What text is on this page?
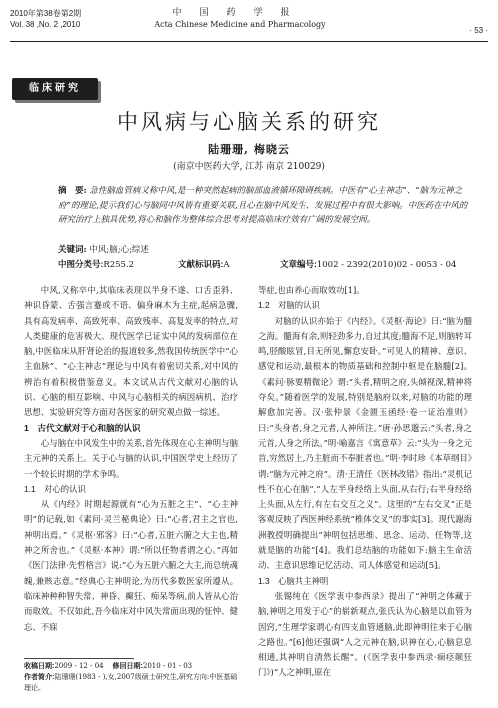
2010年第38卷第2期
Vol. 38 ,No. 2 ,2010
中国药学报
Acta Chinese Medicine and Pharmacology
· 53 ·
临床研究
中风病与心脑关系的研究
陆珊珊, 梅晓云
(南京中医药大学, 江苏 南京 210029)
摘　要: 急性脑血管病又称中风,是一种突然起病的脑部血液循环障碍疾病。中医有“心主神志”、“脑为元神之府”的理论,提示我们心与脑同中风皆有重要关联,且心在脑中风发生、发展过程中有很大影响。中医药在中风的研究治疗上独具优势,将心和脑作为整体综合思考对提高临床疗效有广阔的发展空间。
关键词: 中风;脑;心;综述
中图分类号:R255.2	文献标识码:A	文章编号:1002 - 2392(2010)02 - 0053 - 04

中风,又称卒中,其临床表现以半身不遂、口舌歪斜、神识昏蒙、舌强言蹇或不语、偏身麻木为主症,起病急骤,具有高发病率、高致死率、高致残率、高复发率的特点,对人类健康的危害极大。现代医学已证实中风的发病部位在脑,中医临床从肝肾论治的报道较多,然我国传统医学中“心主血脉”、“心主神志”理论与中风有着密切关系,对中风的辨治有着积极借鉴意义。本文试从古代文献对心脑的认识、心脑的相互影响、中风与心脑相关的病因病机、治疗思想、实验研究等方面对各医家的研究观点做一综述。

1　古代文献对于心和脑的认识

心与脑在中风发生中的关系,首先体现在心主神明与脑主元神的关系上。关于心与脑的认识,中国医学史上经历了一个较长时期的学术争鸣。

1.1　对心的认识

从《内经》时期起源就有“心为五脏之主”、“心主神明”的记载,如《素问·灵兰秘典论》曰:“心者,君主之官也,神明出焉。”《灵枢·邪客》曰:“心者,五脏六腑之大主也,精神之所舍也。”《灵枢·本神》谓:“所以任物者谓之心。”再如《医门法律·先哲格言》说:“心为五脏六腑之大主,而总统魂魄,兼赅志意。”经典心主神明论,为历代多数医家所遵从。临床神种种智失常、神昏、癫狂、痴呆等病,前人皆从心治而取效。不仅如此,吾今临床对中风失常面出现的怔忡、健忘、不寐

等症,也由养心而取效功[1]。

1.2　对脑的认识

对脑的认识亦始于《内经》。《灵枢·海论》曰:“脑为髓之海。髓海有余,则轻劲多力,自过其度;髓海不足,则脑转耳鸣,胫酸眩冒,目无所见,懈怠安卧。”可见人的精神、意识、感觉和运动,最根本的物质基础和控制中枢是在脑髓[2]。《素问·脉要精微论》谓:“头者,精明之府,头倾视深,精神将夺矣。”随着医学的发展,特别是脑府以来,对脑的功能的理解愈加完善。汉·张仲景《金匮玉函经·卷一证治准则》曰:“头身者,身之元者,人神所注。”唐·孙思邈云:“头者,身之元首,人身之所法。”明·喻嘉言《寓意草》云:“头为一身之元首,穷然居上,乃主脏而不奉脏者也。”明·李时珍《本草纲目》谓:“脑为元神之府”。清·王清任《医林改错》指出:“灵机记性不在心在脑”,“人左半身经络上头面,从右行;右半身经络上头面,从左行,有左右交互之义”。这里的“左右交叉”正是客观反映了西医神经系统“椎体交叉”的事实[3]。现代謝海洲教授明确提出“神明包括思维、思念、运动、任物等,这就是脑的功能”[4]。我们总结脑的功能如下:脑主生命活动、主意识思维记忆活动、司人体感觉和运动[5]。

1.3　心脑共主神明

张锡纯在《医学衷中参西录》提出了“神明之体藏于脑,神明之用发于心”的崭新观点,张氏认为心脑是以血管为因窍,“生理学家谓心有四支血管通脑,此即神明往来于心脑之路也。”[6]他还强调“人之元神在脑,识神在心,心脑息息相通,其神明自清然长醒”。(《医学衷中参西录·痫痉颠狂门》)“人之神明,原在

收稿日期:2009 - 12 - 04 修回日期:2010 - 01 - 03
作者简介:陆珊珊(1983 - ),女,2007级硕士研究生,研究方向:中医基础理论。
